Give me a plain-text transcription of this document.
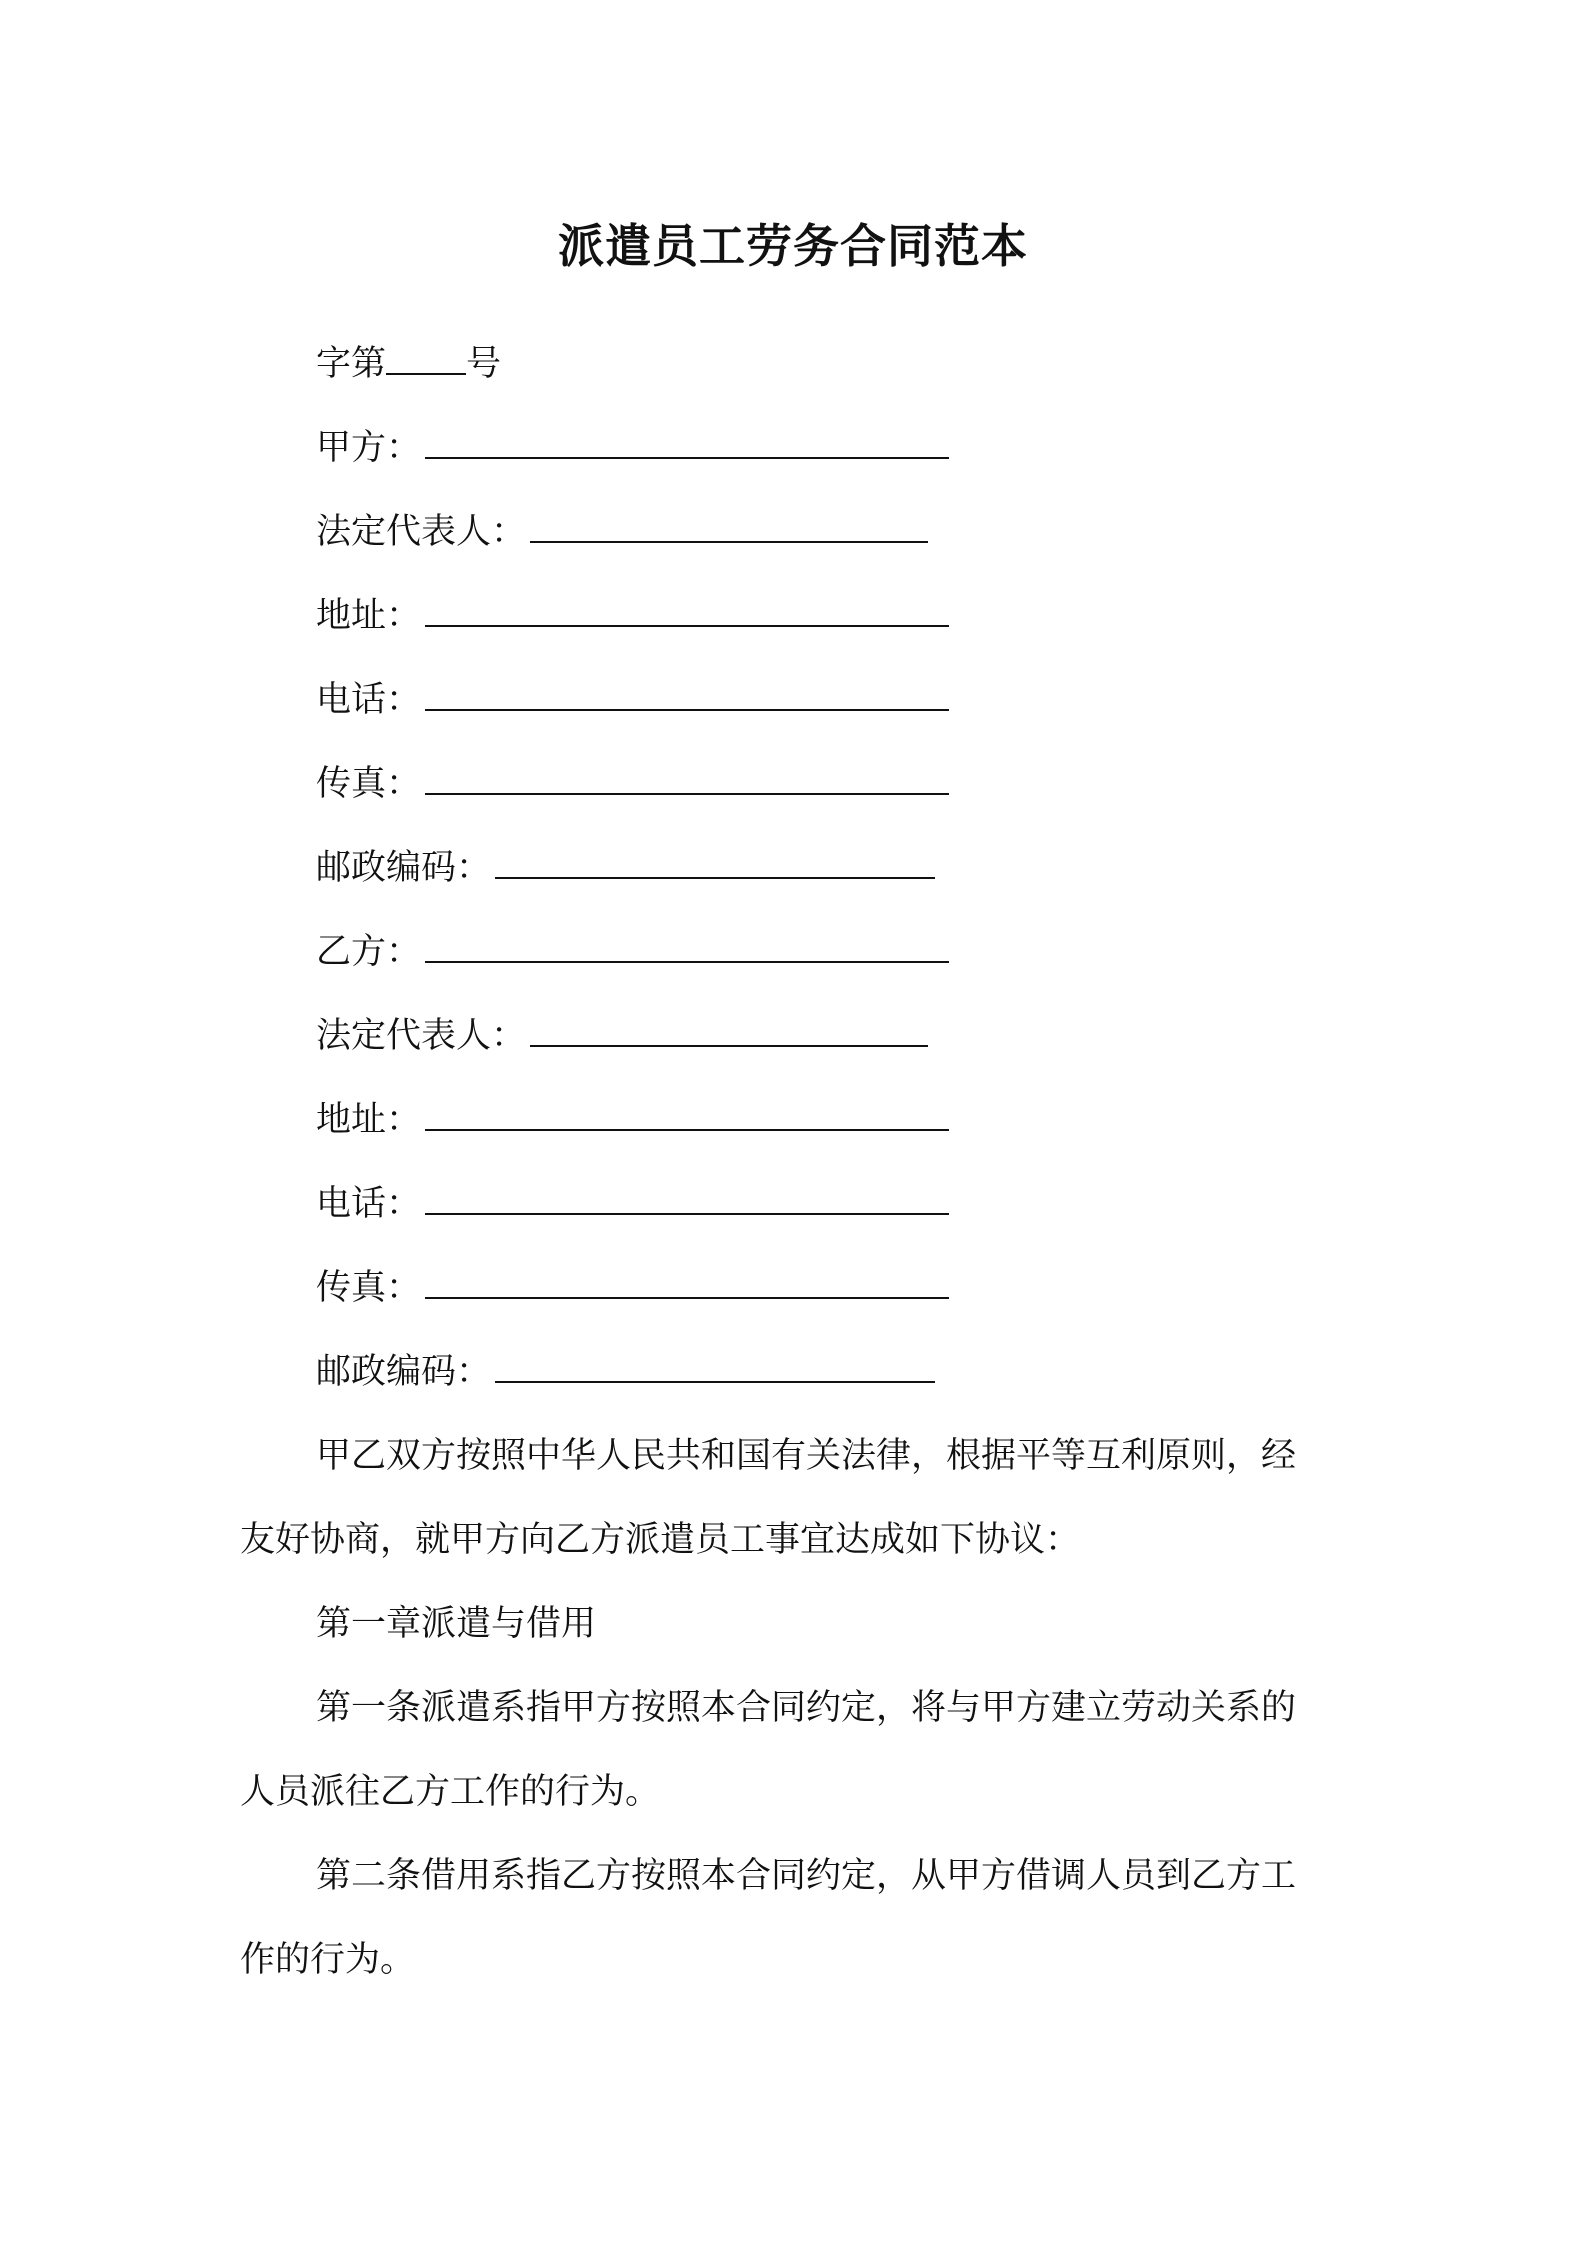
派遣员工劳务合同范本
字第 号
甲方：
法定代表人：
地址：
电话：
传真：
邮政编码：
乙方：
法定代表人：
地址：
电话：
传真：
邮政编码：
甲乙双方按照中华人民共和国有关法律，根据平等互利原则，经
友好协商，就甲方向乙方派遣员工事宜达成如下协议：
第一章派遣与借用
第一条派遣系指甲方按照本合同约定，将与甲方建立劳动关系的
人员派往乙方工作的行为。
第二条借用系指乙方按照本合同约定，从甲方借调人员到乙方工
作的行为。
